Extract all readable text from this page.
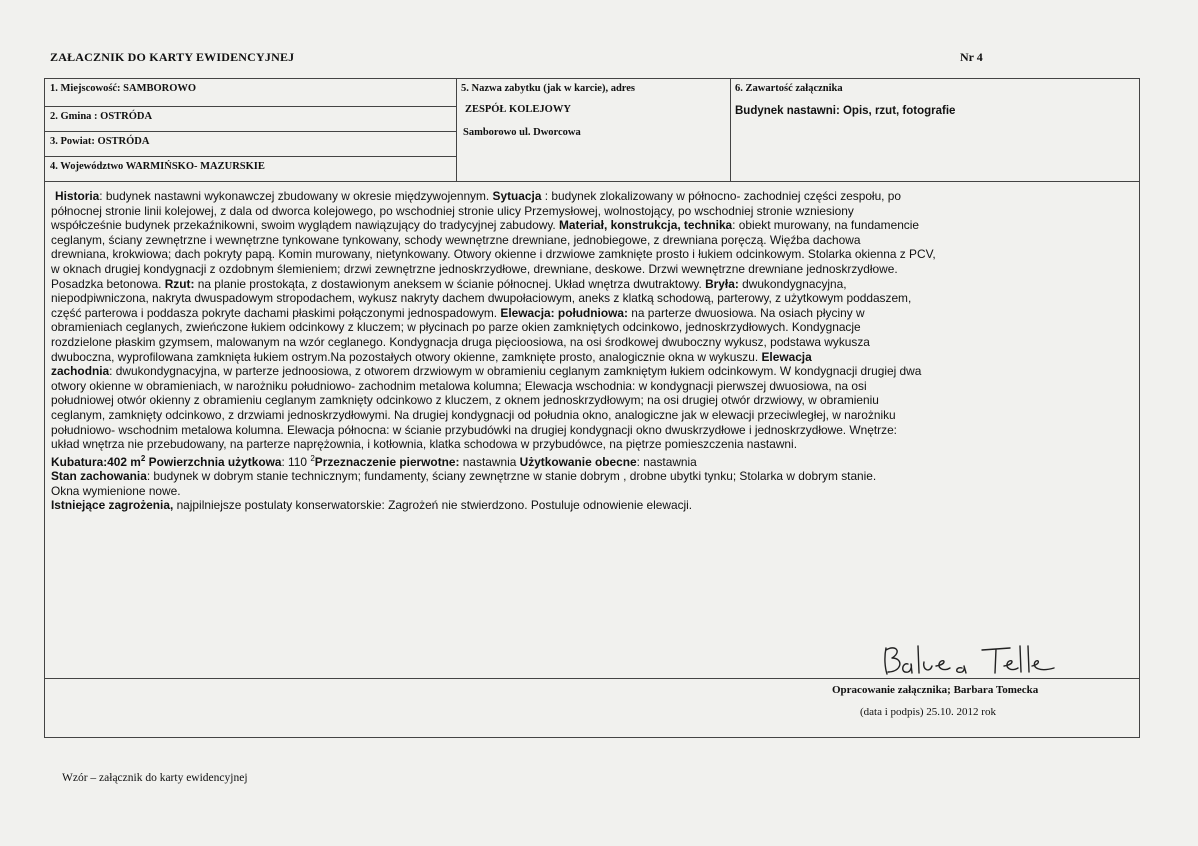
ZAŁACZNIK DO KARTY EWIDENCYJNEJ	Nr 4
1. Miejscowość: SAMBOROWO
2. Gmina : OSTRÓDA
3. Powiat: OSTRÓDA
4. Województwo WARMIŃSKO- MAZURSKIE
5. Nazwa zabytku (jak w karcie), adres
ZESPÓŁ KOLEJOWY
Samborowo ul. Dworcowa
6. Zawartość załącznika
Budynek nastawni: Opis, rzut, fotografie
Historia: budynek nastawni wykonawczej zbudowany w okresie międzywojennym. Sytuacja : budynek zlokalizowany w północno- zachodniej części zespołu, po
północnej stronie linii kolejowej, z dala od dworca kolejowego, po wschodniej stronie ulicy Przemysłowej, wolnostojący, po wschodniej stronie wzniesiony
współcześnie budynek przekaźnikowni, swoim wyglądem nawiązujący do tradycyjnej zabudowy. Materiał, konstrukcja, technika: obiekt murowany, na fundamencie
ceglanym, ściany zewnętrzne i wewnętrzne tynkowane tynkowany, schody wewnętrzne drewniane, jednobiegowe, z drewniana poręczą. Więźba dachowa
drewniana, krokwiowa; dach pokryty papą. Komin murowany, nietynkowany. Otwory okienne i drzwiowe zamknięte prosto i łukiem odcinkowym. Stolarka okienna z PCV,
w oknach drugiej kondygnacji z ozdobnym ślemieniem; drzwi zewnętrzne jednoskrzydłowe, drewniane, deskowe. Drzwi wewnętrzne drewniane jednoskrzydłowe.
Posadzka betonowa. Rzut: na planie prostokąta, z dostawionym aneksem w ścianie północnej. Układ wnętrza dwutraktowy. Bryła: dwukondygnacyjna,
niepodpiwniczona, nakryta dwuspadowym stropodachem, wykusz nakryty dachem dwupołaciowym, aneks z klatką schodową, parterowy, z użytkowym poddaszem,
część parterowa i poddasza pokryte dachami płaskimi połączonymi jednospadowym. Elewacja: południowa: na parterze dwuosiowa. Na osiach płyciny w
obramieniach ceglanych, zwieńczone łukiem odcinkowy z kluczem; w płycinach po parze okien zamkniętych odcinkowo, jednoskrzydłowych. Kondygnacje
rozdzielone płaskim gzymsem, malowanym na wzór ceglanego. Kondygnacja druga pięcioosiowa, na osi środkowej dwuboczny wykusz, podstawa wykusza
dwuboczna, wyprofilowana zamknięta łukiem ostrym.Na pozostałych otwory okienne, zamknięte prosto, analogicznie okna w wykuszu. Elewacja
zachodnia: dwukondygnacyjna, w parterze jednoosiowa, z otworem drzwiowym w obramieniu ceglanym zamkniętym łukiem odcinkowym. W kondygnacji drugiej dwa
otwory okienne w obramieniach, w narożniku południowo- zachodnim metalowa kolumna; Elewacja wschodnia: w kondygnacji pierwszej dwuosiowa, na osi
południowej otwór okienny z obramieniu ceglanym zamknięty odcinkowo z kluczem, z oknem jednoskrzydłowym; na osi drugiej otwór drzwiowy, w obramieniu
ceglanym, zamknięty odcinkowo, z drzwiami jednoskrzydłowymi. Na drugiej kondygnacji od południa okno, analogiczne jak w elewacji przeciwległej, w narożniku
południowo- wschodnim metalowa kolumna. Elewacja północna: w ścianie przybudówki na drugiej kondygnacji okno dwuskrzydłowe i jednoskrzydłowe. Wnętrze:
układ wnętrza nie przebudowany, na parterze naprężownia, i kotłownia, klatka schodowa w przybudówce, na piętrze pomieszczenia nastawni.
Kubatura:402 $m^2$ Powierzchnia użytkowa: 110 $^2$Przeznaczenie pierwotne: nastawnia Użytkowanie obecne: nastawnia
Stan zachowania: budynek w dobrym stanie technicznym; fundamenty, ściany zewnętrzne w stanie dobrym , drobne ubytki tynku; Stolarka w dobrym stanie.
Okna wymienione nowe.
Istniejące zagrożenia, najpilniejsze postulaty konserwatorskie: Zagrożeń nie stwierdzono. Postuluje odnowienie elewacji.
Opracowanie załącznika; Barbara Tomecka
(data i podpis) 25.10. 2012 rok
Wzór – załącznik do karty ewidencyjnej
